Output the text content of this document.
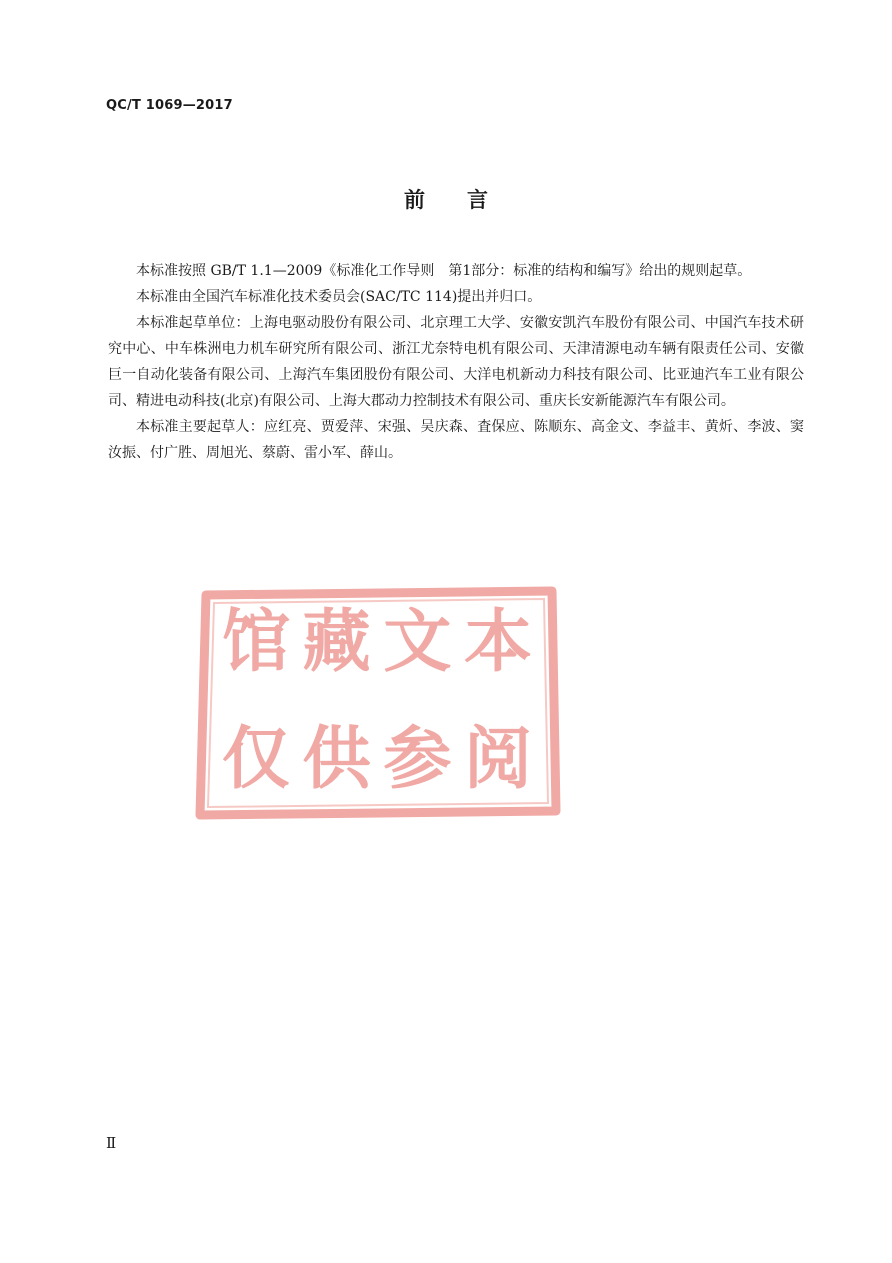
QC/T 1069—2017
前言

本标准按照 GB/T 1.1—2009《标准化工作导则　第1部分：标准的结构和编写》给出的规则起草。

本标准由全国汽车标准化技术委员会(SAC/TC 114)提出并归口。

本标准起草单位：上海电驱动股份有限公司、北京理工大学、安徽安凯汽车股份有限公司、中国汽车技术研究中心、中车株洲电力机车研究所有限公司、浙江尤奈特电机有限公司、天津清源电动车辆有限责任公司、安徽巨一自动化装备有限公司、上海汽车集团股份有限公司、大洋电机新动力科技有限公司、比亚迪汽车工业有限公司、精进电动科技(北京)有限公司、上海大郡动力控制技术有限公司、重庆长安新能源汽车有限公司。

本标准主要起草人：应红亮、贾爱萍、宋强、吴庆森、査保应、陈顺东、高金文、李益丰、黄炘、李波、窦汝振、付广胜、周旭光、蔡蔚、雷小军、薛山。

馆 藏 文 本
仅 供 参 阅
Ⅱ
